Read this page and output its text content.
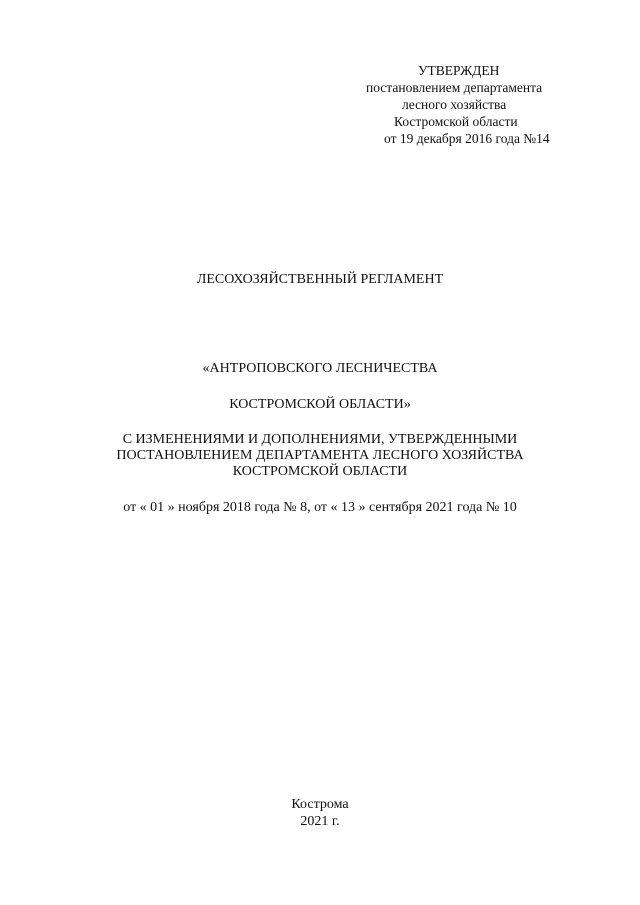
УТВЕРЖДЕН
постановлением департамента
лесного хозяйства
Костромской области
от 19 декабря 2016 года №14
ЛЕСОХОЗЯЙСТВЕННЫЙ РЕГЛАМЕНТ
«АНТРОПОВСКОГО ЛЕСНИЧЕСТВА
КОСТРОМСКОЙ ОБЛАСТИ»
С ИЗМЕНЕНИЯМИ И ДОПОЛНЕНИЯМИ, УТВЕРЖДЕННЫМИ
ПОСТАНОВЛЕНИЕМ ДЕПАРТАМЕНТА ЛЕСНОГО ХОЗЯЙСТВА
КОСТРОМСКОЙ ОБЛАСТИ
от « 01 » ноября 2018 года № 8, от « 13 » сентября 2021 года № 10
Кострома
2021 г.
